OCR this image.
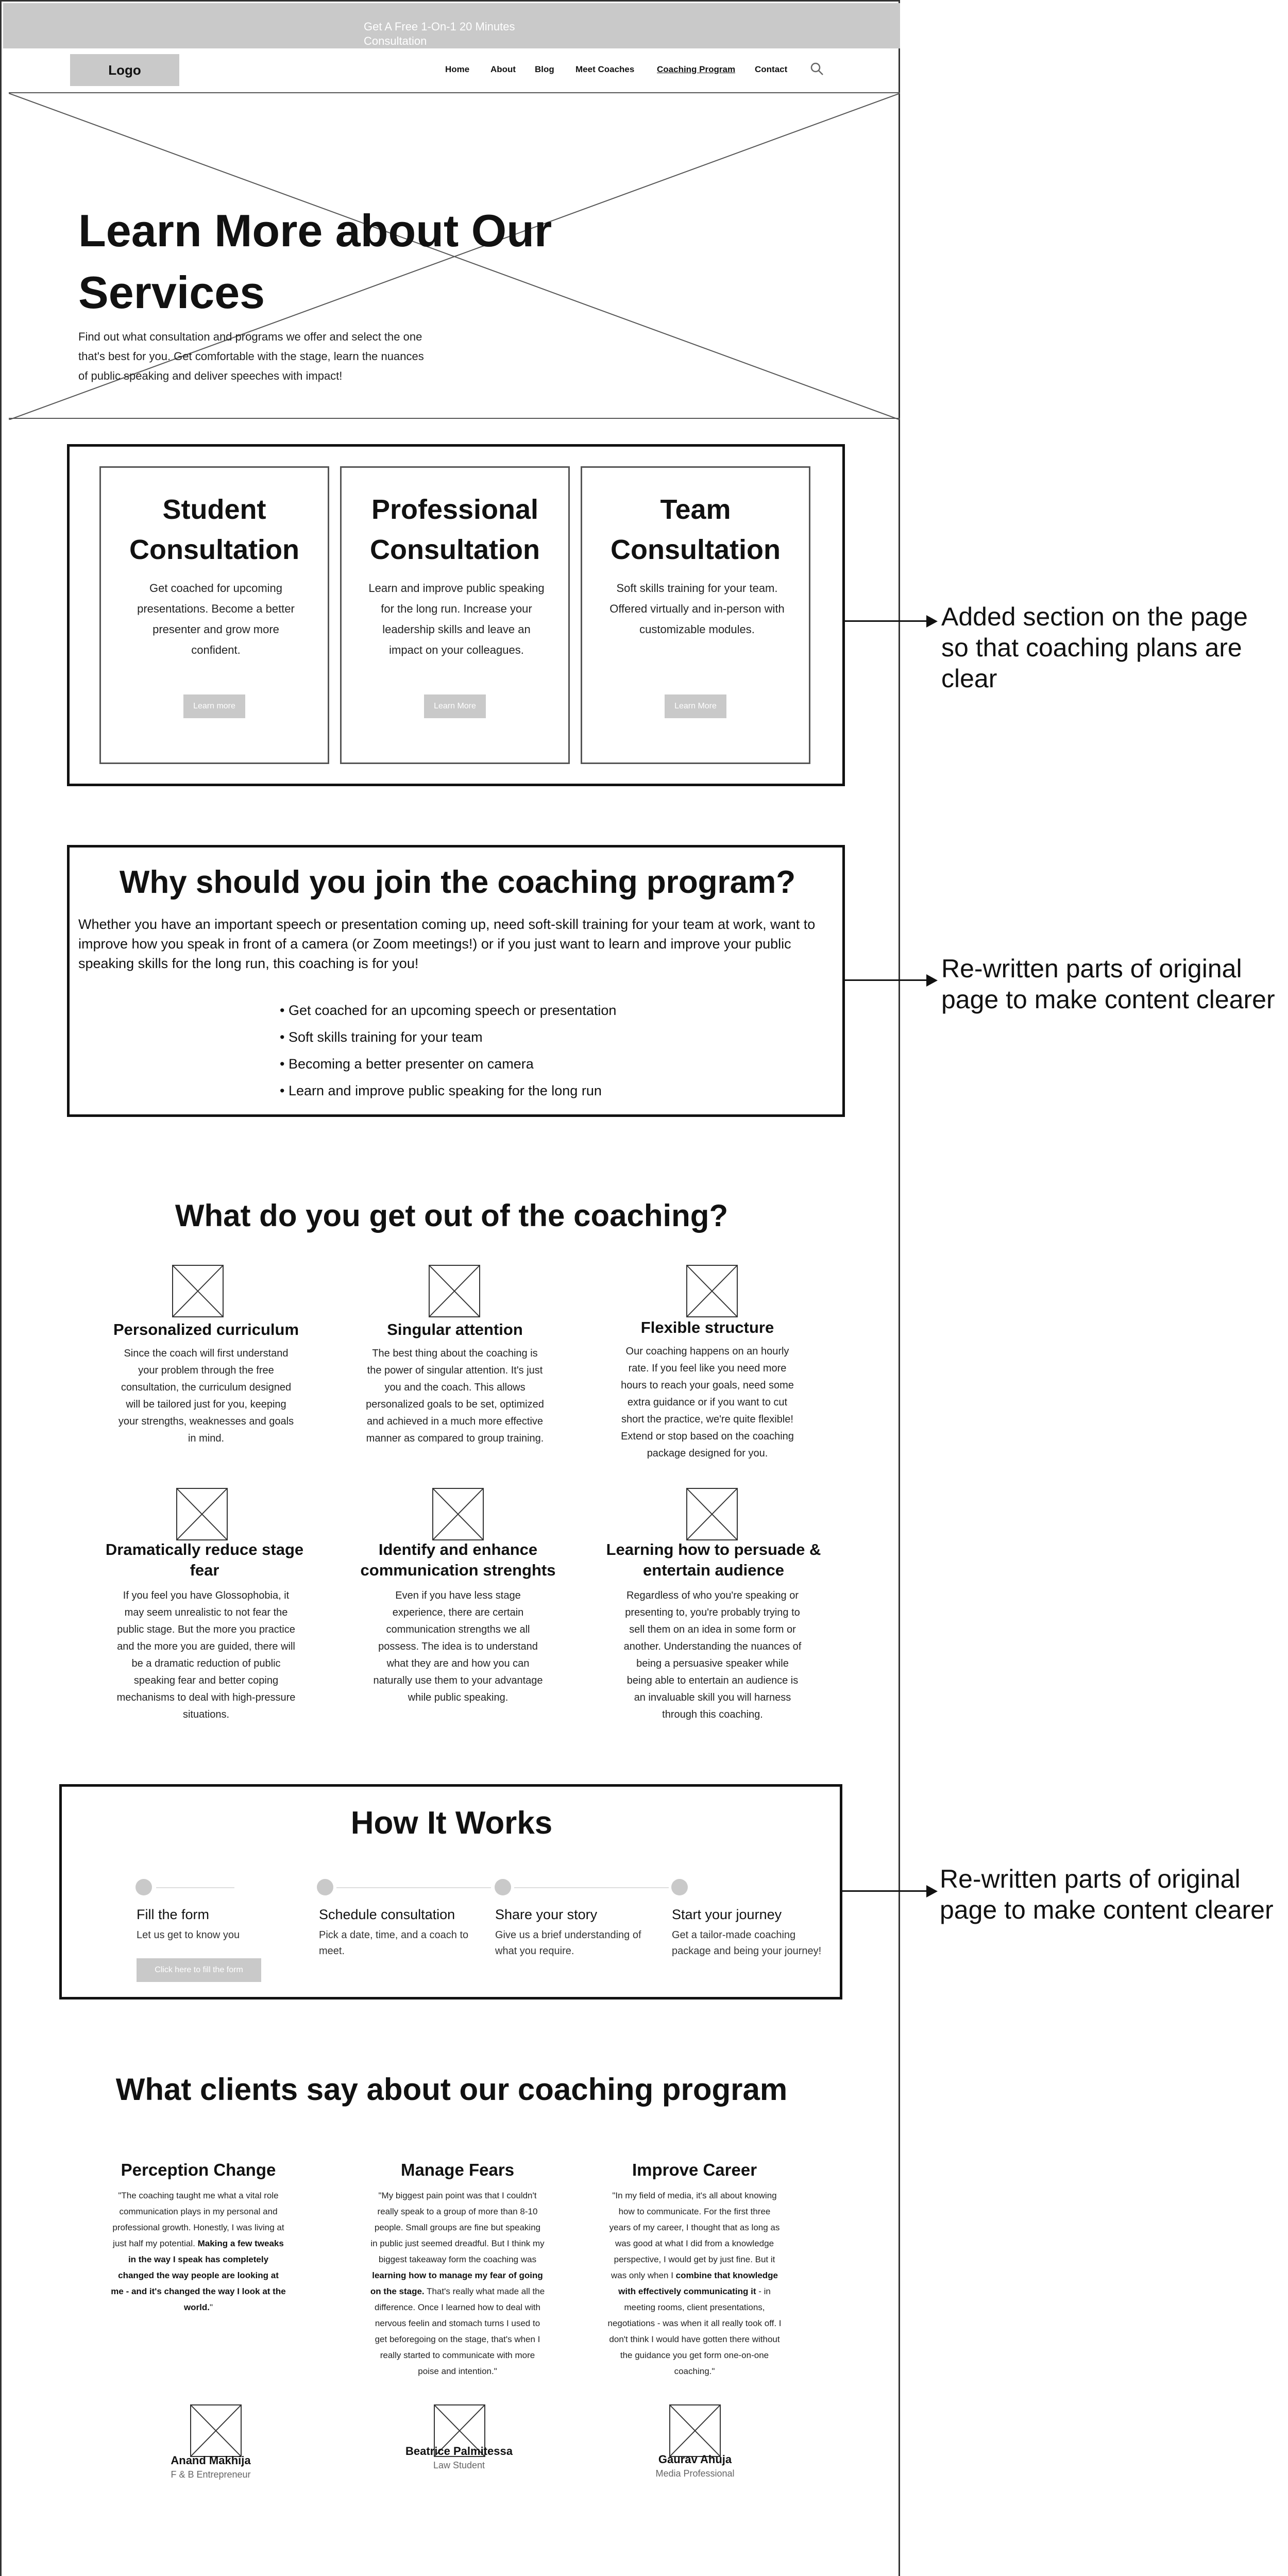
Get A Free 1-On-1 20 Minutes Consultation
Logo	Home About Blog Meet Coaches	Coaching Program Contact
Learn More about Our
Services
Find out what consultation and programs we offer and select the one that's best for you. Get comfortable with the stage, learn the nuances of public speaking and deliver speeches with impact!
Student
Consultation
Get coached for upcoming presentations. Become a better presenter and grow more confident.
Learn more
Professional
Consultation
Learn and improve public speaking for the long run. Increase your leadership skills and leave an impact on your colleagues.
Learn More
Team
Consultation
Soft skills training for your team. Offered virtually and in-person with customizable modules.
Learn More
Why should you join the coaching program?
Whether you have an important speech or presentation coming up, need soft-skill training for your team at work, want to improve how you speak in front of a camera (or Zoom meetings!) or if you just want to learn and improve your public speaking skills for the long run, this coaching is for you!
• Get coached for an upcoming speech or presentation
• Soft skills training for your team
• Becoming a better presenter on camera
• Learn and improve public speaking for the long run
What do you get out of the coaching?
Personalized curriculum
Since the coach will first understand your problem through the free consultation, the curriculum designed will be tailored just for you, keeping your strengths, weaknesses and goals in mind.
Singular attention
The best thing about the coaching is the power of singular attention. It's just you and the coach. This allows personalized goals to be set, optimized and achieved in a much more effective manner as compared to group training.
Flexible structure
Our coaching happens on an hourly rate. If you feel like you need more hours to reach your goals, need some extra guidance or if you want to cut short the practice, we're quite flexible! Extend or stop based on the coaching package designed for you.
Dramatically reduce stage fear
If you feel you have Glossophobia, it may seem unrealistic to not fear the public stage. But the more you practice and the more you are guided, there will be a dramatic reduction of public speaking fear and better coping mechanisms to deal with high-pressure situations.
Identify and enhance communication strenghts
Even if you have less stage experience, there are certain communication strengths we all possess. The idea is to understand what they are and how you can naturally use them to your advantage while public speaking.
Learning how to persuade & entertain audience
Regardless of who you're speaking or presenting to, you're probably trying to sell them on an idea in some form or another. Understanding the nuances of being a persuasive speaker while being able to entertain an audience is an invaluable skill you will harness through this coaching.
How It Works
Fill the form
Let us get to know you
Click here to fill the form
Schedule consultation
Pick a date, time, and a coach to meet.
Share your story
Give us a brief understanding of what you require.
Start your journey
Get a tailor-made coaching package and being your journey!
What clients say about our coaching program
Perception Change
"The coaching taught me what a vital role communication plays in my personal and professional growth. Honestly, I was living at just half my potential. Making a few tweaks in the way I speak has completely changed the way people are looking at me - and it's changed the way I look at the world."
Manage Fears
"My biggest pain point was that I couldn't really speak to a group of more than 8-10 people. Small groups are fine but speaking in public just seemed dreadful. But I think my biggest takeaway form the coaching was learning how to manage my fear of going on the stage. That's really what made all the difference. Once I learned how to deal with nervous feelin and stomach turns I used to get beforegoing on the stage, that's when I really started to communicate with more poise and intention."
Improve Career
"In my field of media, it's all about knowing how to communicate. For the first three years of my career, I thought that as long as was good at what I did from a knowledge perspective, I would get by just fine. But it was only when I combine that knowledge with effectively communicating it - in meeting rooms, client presentations, negotiations - was when it all really took off. I don't think I would have gotten there without the guidance you get form one-on-one coaching."
Anand Makhija
F & B Entrepreneur
Beatrice Palmitessa
Law Student	Gaurav Ahuja
Media Professional
Added section on the page so that coaching plans are clear
Re-written parts of original page to make content clearer
Re-written parts of original page to make content clearer
